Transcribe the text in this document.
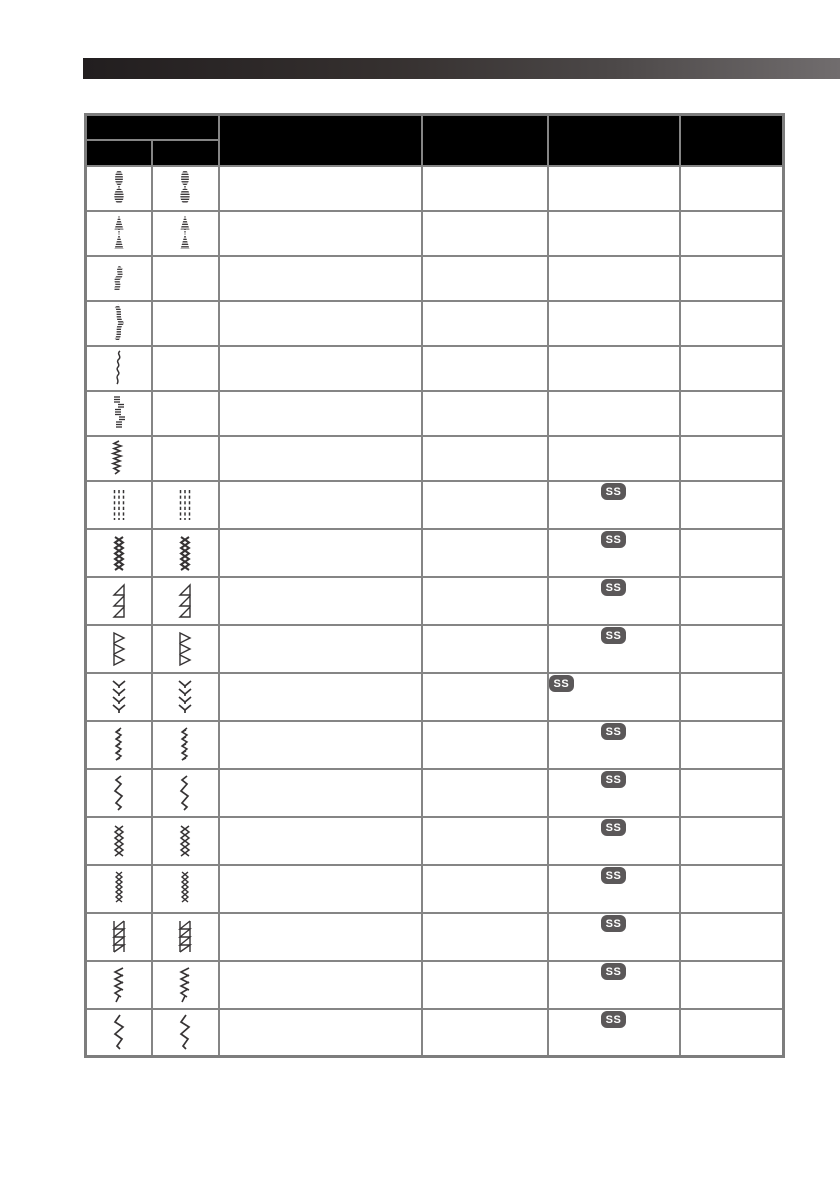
				SS	
				SS	
				SS	
				SS	
				SS	
				SS	
				SS	
				SS	
				SS	
				SS	
				SS	
				SS	
